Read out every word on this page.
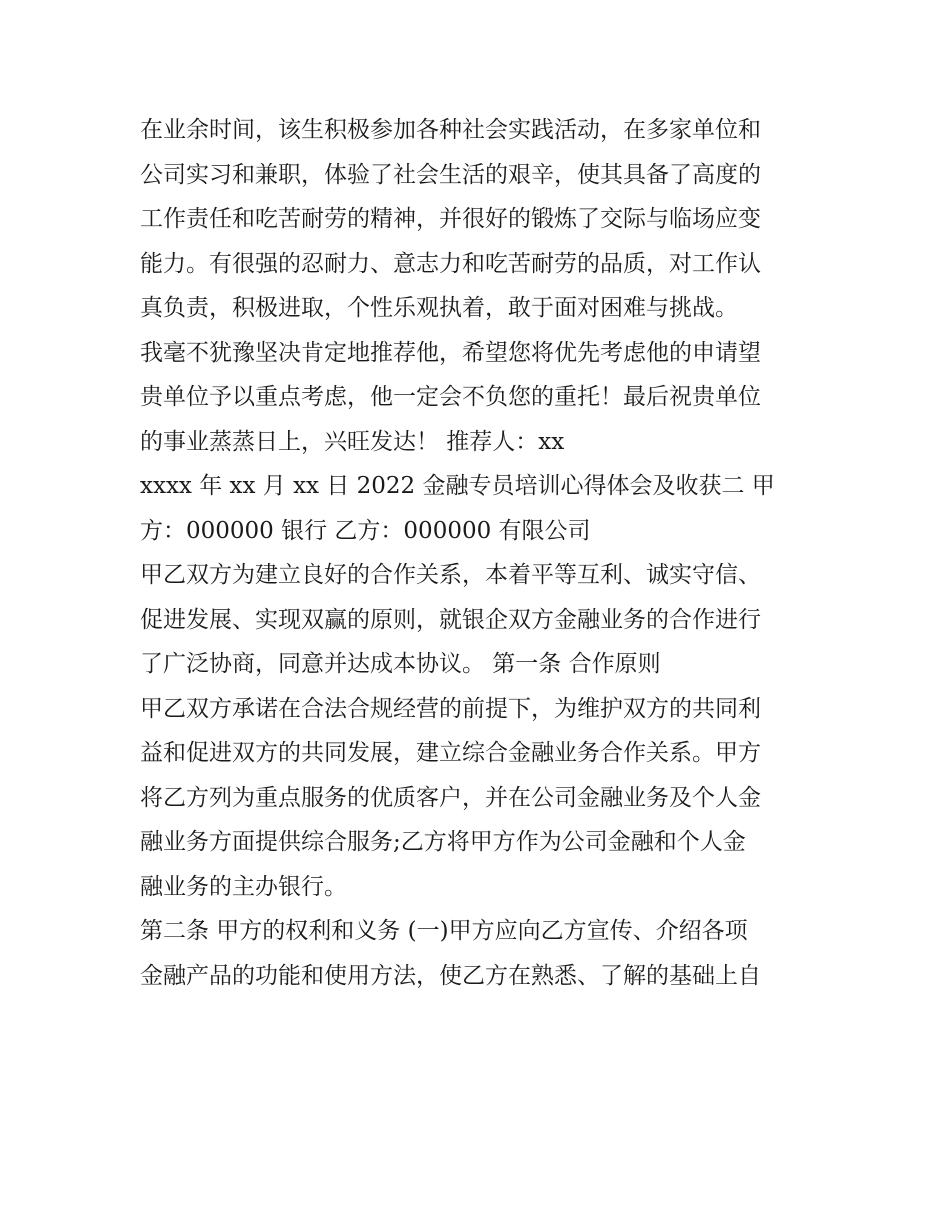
在业余时间，该生积极参加各种社会实践活动，在多家单位和
公司实习和兼职，体验了社会生活的艰辛，使其具备了高度的
工作责任和吃苦耐劳的精神，并很好的锻炼了交际与临场应变
能力。有很强的忍耐力、意志力和吃苦耐劳的品质，对工作认
真负责，积极进取，个性乐观执着，敢于面对困难与挑战。
我毫不犹豫坚决肯定地推荐他，希望您将优先考虑他的申请望
贵单位予以重点考虑，他一定会不负您的重托！最后祝贵单位
的事业蒸蒸日上，兴旺发达！ 推荐人：xx
xxxx 年 xx 月 xx 日 2022 金融专员培训心得体会及收获二 甲
方：000000 银行 乙方：000000 有限公司
甲乙双方为建立良好的合作关系，本着平等互利、诚实守信、
促进发展、实现双赢的原则，就银企双方金融业务的合作进行
了广泛协商，同意并达成本协议。 第一条 合作原则
甲乙双方承诺在合法合规经营的前提下，为维护双方的共同利
益和促进双方的共同发展，建立综合金融业务合作关系。甲方
将乙方列为重点服务的优质客户，并在公司金融业务及个人金
融业务方面提供综合服务;乙方将甲方作为公司金融和个人金
融业务的主办银行。
第二条 甲方的权利和义务 (一)甲方应向乙方宣传、介绍各项
金融产品的功能和使用方法，使乙方在熟悉、了解的基础上自
